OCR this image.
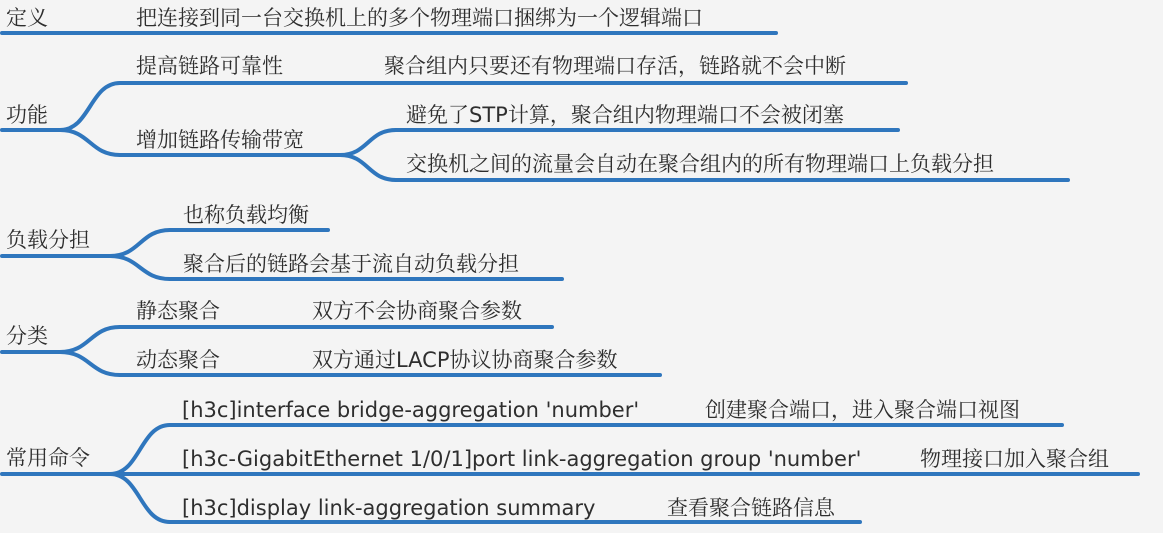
定义	把连接到同一台交换机上的多个物理端口捆绑为一个逻辑端口
功能
提高链路可靠性	聚合组内只要还有物理端口存活，链路就不会中断
增加链路传输带宽
避免了STP计算，聚合组内物理端口不会被闭塞
交换机之间的流量会自动在聚合组内的所有物理端口上负载分担
负载分担
也称负载均衡
聚合后的链路会基于流自动负载分担
分类
静态聚合	双方不会协商聚合参数
动态聚合	双方通过LACP协议协商聚合参数
常用命令
[h3c]interface bridge-aggregation 'number'	创建聚合端口，进入聚合端口视图
[h3c-GigabitEthernet 1/0/1]port link-aggregation group 'number'	物理接口加入聚合组
[h3c]display link-aggregation summary	查看聚合链路信息
